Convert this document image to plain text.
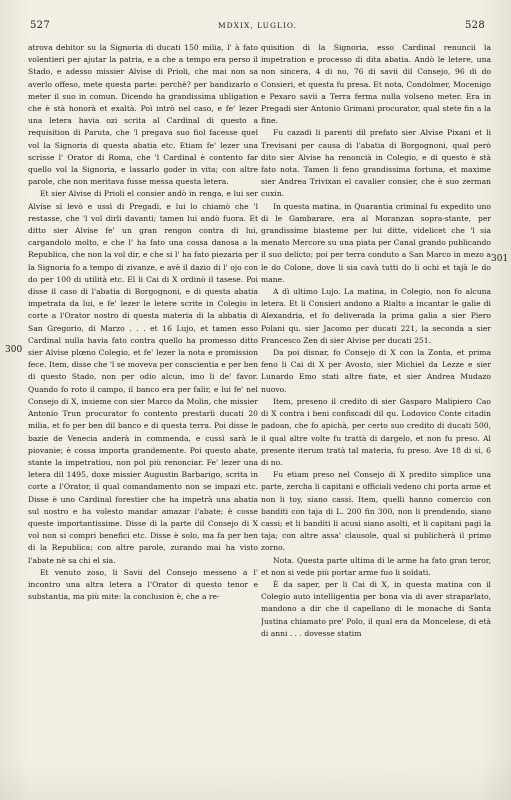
527	MDXIX, LUGLIO.	528
300
301

atrova debitor su la Signoria di ducati 150 milia, l' à fato volentieri per ajutar la patria, e a che a tempo era perso il Stado, e adesso missier Alvise di Prioli, che mai non sa averlo offeso, mete questa parte: perchè? per bandizarlo o meter il suo in comun. Dicendo ha grandissima ubligation che è stà honorà et exaltà. Poi intrò nel caso, e fe' lezer una letera havia ozi scrita al Cardinal di questo a requisition di Paruta, che 'l pregava suo fiol facesse quel vol la Signoria di questa abatia etc. Etiam fe' lezer una scrisse l' Orator di Roma, che 'l Cardinal è contento far quello vol la Signoria, e lassarlo goder in vita; con altre parole, che non meritava fusse messa questa letera.

Et sier Alvise di Prioli el consier andò in renga, e lui ser Alvise si levò e ussì di Pregadi, e lui lo chiamò che 'l restasse, che 'l vol dirli davanti; tamen lui andò fuora. Et ditto sier Alvise fe' un gran rengon contra di lui, cargandolo molto, e che l' ha fato una cossa danosa a la Republica, che non la vol dir, e che si l' ha fato piezaria per la Signoria fo a tempo di zivanze, e avè il dazio di l' ojo con do per 100 di utilità etc. El li Cai di X ordinò il tasese. Poi disse il caso di l'abatia di Borgognoni, e di questa abatia impetrata da lui, e fe' lezer le letere scrite in Colegio in corte a l'Orator nostro di questa materia di la abbatia di San Gregorio, di Marzo . . . et 16 Lujo, et tamen esso Cardinal nulla havia fato contra quello ha promesso ditto sier Alvise plœno Colegio, et fe' lezer la nota e promission fece. Item, disse che 'l se moveva per conscientia e per ben di questo Stado, non per odio alcun, imo li de' favor. Quando fo roto il campo, il banco era per falir, e lui fe' nel Consejo di X, insieme con sier Marco da Molin, che missier Antonio Trun procurator fo contento prestarli ducati 20 milia, et fo per ben dil banco e di questa terra. Poi disse le bazie de Venecia anderà in commenda, e cussì sarà le piovanie; è cossa importa grandemente. Poi questo abate, stante la impetratiou, non pol più renonciar. Fe' lezer una letera dil 1495, doxe missier Augustin Barbarigo, scrita in corte a l'Orator, il qual comandamento non se impazi etc. Disse è uno Cardinal forestier che ha impetrà una abatia sul nostro e ha volesto mandar amazar l'abate; è cosse queste importantissime. Disse di la parte dil Consejo di X vol non si compri benefici etc. Disse è solo, ma fa per ben di la Republica; con altre parole, zurando mai ha visto l'abate nè sa chi el sia.

Et venuto zoso, li Savii del Consejo messeno a l' incontro una altra letera a l'Orator di questo tenor e substantia, ma più mite: la conclusion è, che a re-

quisition di la Signoria, esso Cardinal renuncii la impetration e processo di dita abatia. Andò le letere, una non sincera, 4 di no, 76 di savii dil Consejo, 96 di do Consieri, et questa fu presa. Et nota, Condolmer, Mocenigo e Pexaro savii a Terra ferma nulla volseno meter. Era in Pregadi sier Antonio Grimani procurator, qual stete fin a la fine.

Fu cazadi li parenti dil prefato sier Alvise Pixani et li Trevisani per causa di l'abatia di Borgognoni, qual però dito sier Alvise ha renoncià in Colegio, e di questo è stà fato nota. Tamen li feno grandissima fortuna, et maxime sier Andrea Trivixan el cavalier consier, che è suo zerman cuxin.

In questa matina, in Quarantia criminal fu expedito uno di le Gambarare, era al Moranzan sopra-stante, per grandissime biasteme per lui ditte, videlicet che 'l sia menato Mercore su una piata per Canal grando publicando il suo delicto; poi per terra conduto a San Marco in mezo a le do Colone, dove li sia cavà tutti do li ochi et tajà le do mane.

A dì ultimo Lujo. La matina, in Colegio, non fo alcuna letera. Et li Consieri andono a Rialto a incantar le galie di Alexandria, et fo deliverada la prima galia a sier Piero Polani qu. sier Jacomo per ducati 221, la seconda a sier Francesco Zen di sier Alvise per ducati 251.

Da poi disnar, fo Consejo di X con la Zonta, et prima feno li Cai di X per Avosto, sier Michiel da Lezze e sier Lunardo Emo stati altre fiate, et sier Andrea Mudazo nuovo.

Item, preseno il credito di sier Gasparo Malipiero Cao di X contra i beni confiscadi dil qu. Lodovico Conte citadin padoan, che fo apichà, per certo suo credito di ducati 500, il qual altre volte fu trattà di dargelo, et non fu preso. Al presente iterum tratà tal materia, fu preso. Ave 18 di si, 6 di no.

Fu etiam preso nel Consejo di X predito simplice una parte, zercha li capitani e officiali vedeno chi porta arme et non li toy, siano cassi. Item, quelli hanno comercio con banditi con taja di L. 200 fin 300, non li prendendo, siano cassi; et li banditi li acusi siano asolti, et li capitani pagi la taja; con altre assa' clausole, qual si publicherà il primo zorno.

Nota. Questa parte ultima di le arme ha fato gran teror, et non si vede più portar arme fuo li soldati.

È da saper, per li Cai di X, in questa matina con il Colegio auto intelligentia per bona via di aver straparlato, mandono a dir che il capellano di le monache di Santa Justina chiamato pre' Polo, il qual era da Moncelese, di età di anni . . . dovesse statim
